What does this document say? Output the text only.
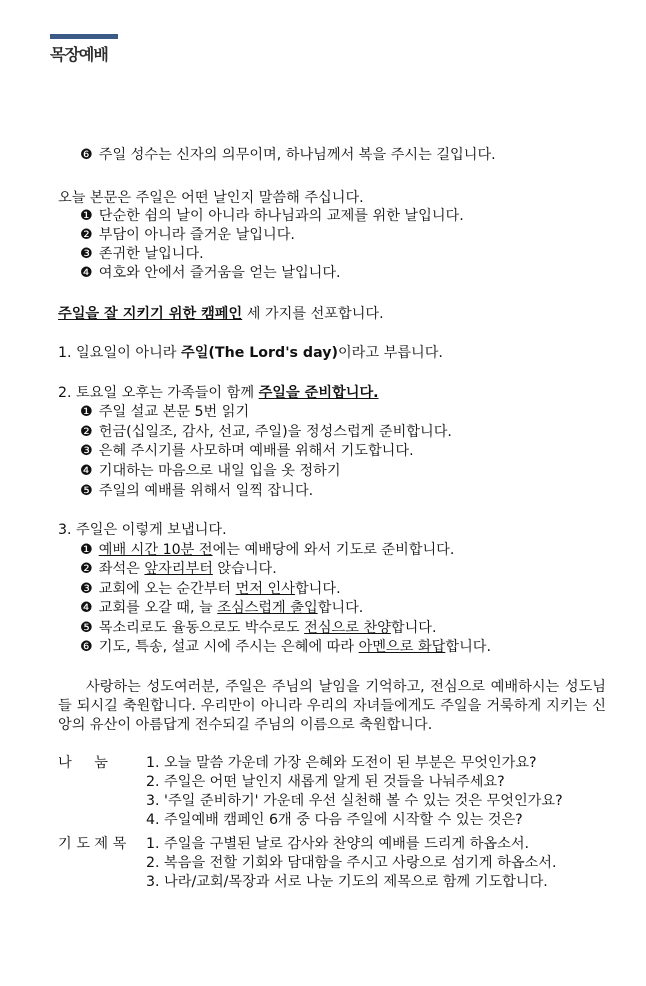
목장예배
❻ 주일 성수는 신자의 의무이며, 하나님께서 복을 주시는 길입니다.
오늘 본문은 주일은 어떤 날인지 말씀해 주십니다.
❶ 단순한 쉼의 날이 아니라 하나님과의 교제를 위한 날입니다.
❷ 부담이 아니라 즐거운 날입니다.
❸ 존귀한 날입니다.
❹ 여호와 안에서 즐거움을 얻는 날입니다.
주일을 잘 지키기 위한 캠페인 세 가지를 선포합니다.
1. 일요일이 아니라 주일(The Lord's day)이라고 부릅니다.
2. 토요일 오후는 가족들이 함께 주일을 준비합니다.
❶ 주일 설교 본문 5번 읽기
❷ 헌금(십일조, 감사, 선교, 주일)을 정성스럽게 준비합니다.
❸ 은혜 주시기를 사모하며 예배를 위해서 기도합니다.
❹ 기대하는 마음으로 내일 입을 옷 정하기
❺ 주일의 예배를 위해서 일찍 잡니다.
3. 주일은 이렇게 보냅니다.
❶ 예배 시간 10분 전에는 예배당에 와서 기도로 준비합니다.
❷ 좌석은 앞자리부터 앉습니다.
❸ 교회에 오는 순간부터 먼저 인사합니다.
❹ 교회를 오갈 때, 늘 조심스럽게 출입합니다.
❺ 목소리로도 율동으로도 박수로도 전심으로 찬양합니다.
❻ 기도, 특송, 설교 시에 주시는 은혜에 따라 아멘으로 화답합니다.
사랑하는 성도여러분, 주일은 주님의 날임을 기억하고, 전심으로 예배하시는 성도님들 되시길 축원합니다. 우리만이 아니라 우리의 자녀들에게도 주일을 거룩하게 지키는 신앙의 유산이 아름답게 전수되길 주님의 이름으로 축원합니다.
나     눔	1. 오늘 말씀 가운데 가장 은혜와 도전이 된 부분은 무엇인가요?
2. 주일은 어떤 날인지 새롭게 알게 된 것들을 나눠주세요?
3. '주일 준비하기' 가운데 우선 실천해 볼 수 있는 것은 무엇인가요?
4. 주일예배 캠페인 6개 중 다음 주일에 시작할 수 있는 것은?
기 도 제 목 1. 주일을 구별된 날로 감사와 찬양의 예배를 드리게 하옵소서.
2. 복음을 전할 기회와 담대함을 주시고 사랑으로 섬기게 하옵소서.
3. 나라/교회/목장과 서로 나눈 기도의 제목으로 함께 기도합니다.
